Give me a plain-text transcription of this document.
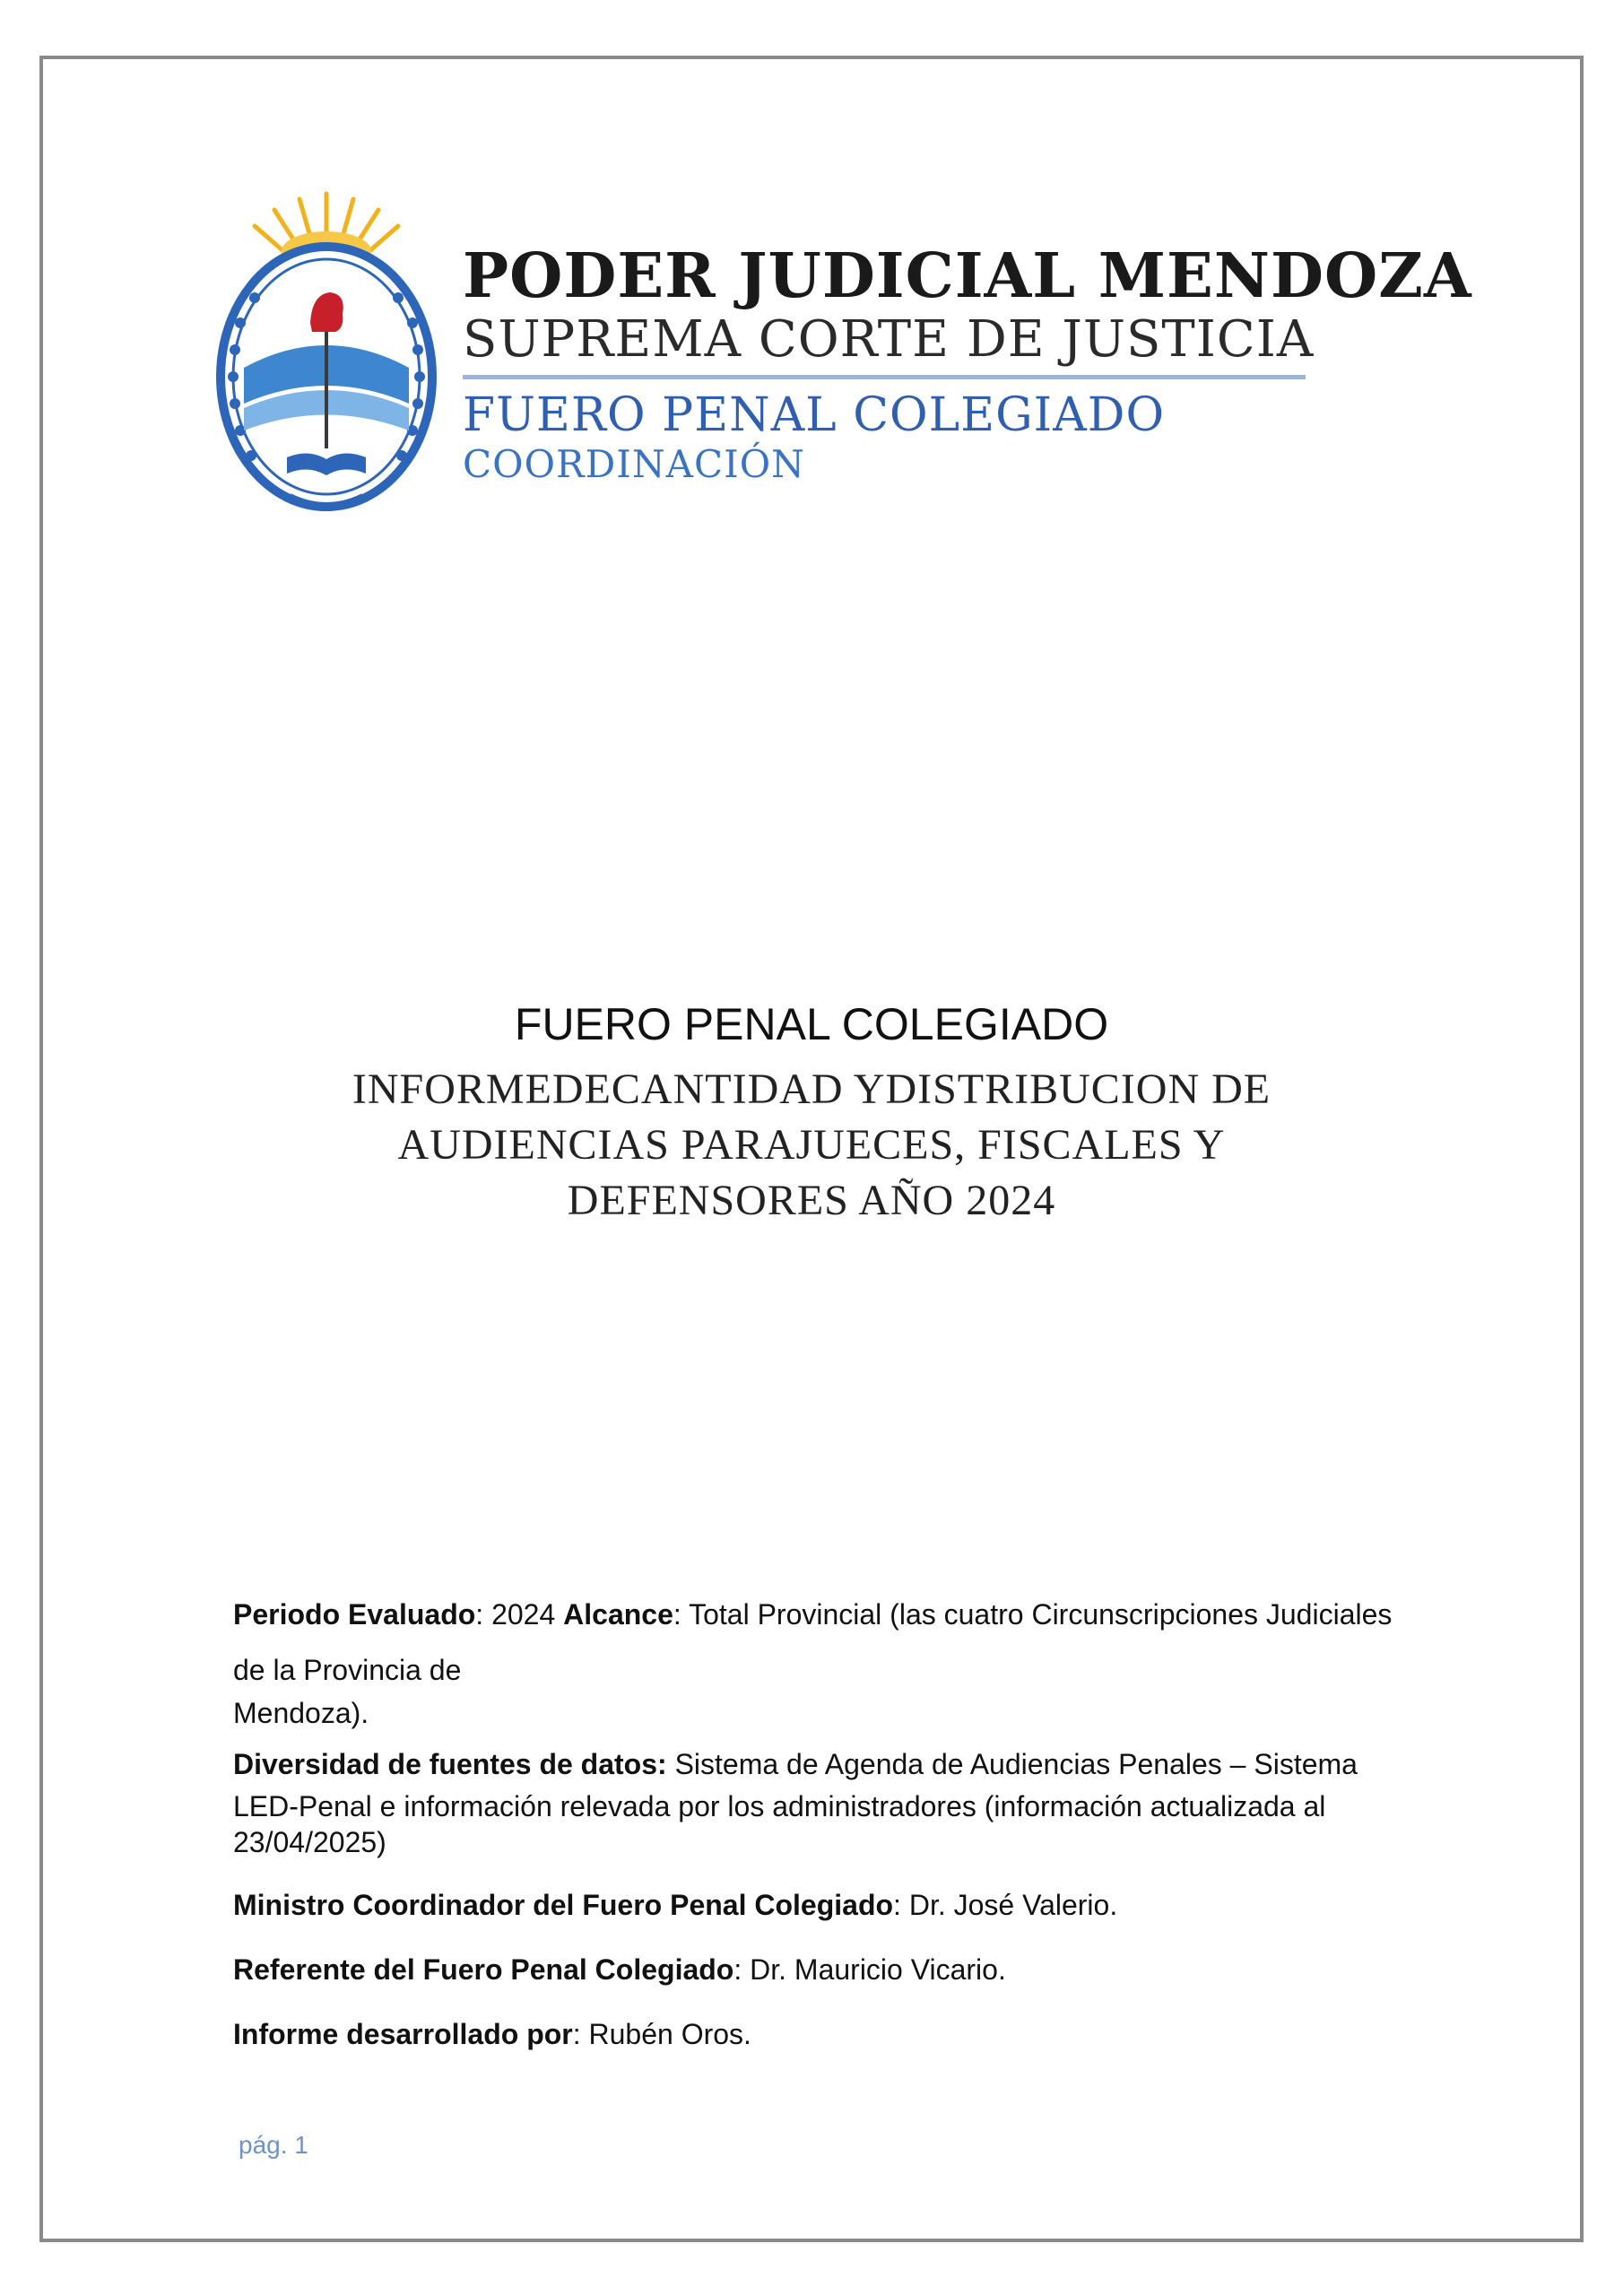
PODER JUDICIAL MENDOZA
SUPREMA CORTE DE JUSTICIA
FUERO PENAL COLEGIADO
COORDINACIÓN
FUERO PENAL COLEGIADO
INFORMEDECANTIDAD YDISTRIBUCION DE
AUDIENCIAS PARAJUECES, FISCALES Y
DEFENSORES AÑO 2024

Periodo Evaluado: 2024 Alcance: Total Provincial (las cuatro Circunscripciones Judiciales

de la Provincia de
Mendoza).

Diversidad de fuentes de datos: Sistema de Agenda de Audiencias Penales – Sistema
LED-Penal e información relevada por los administradores (información actualizada al
23/04/2025)

Ministro Coordinador del Fuero Penal Colegiado: Dr. José Valerio.

Referente del Fuero Penal Colegiado: Dr. Mauricio Vicario.

Informe desarrollado por: Rubén Oros.

pág. 1
